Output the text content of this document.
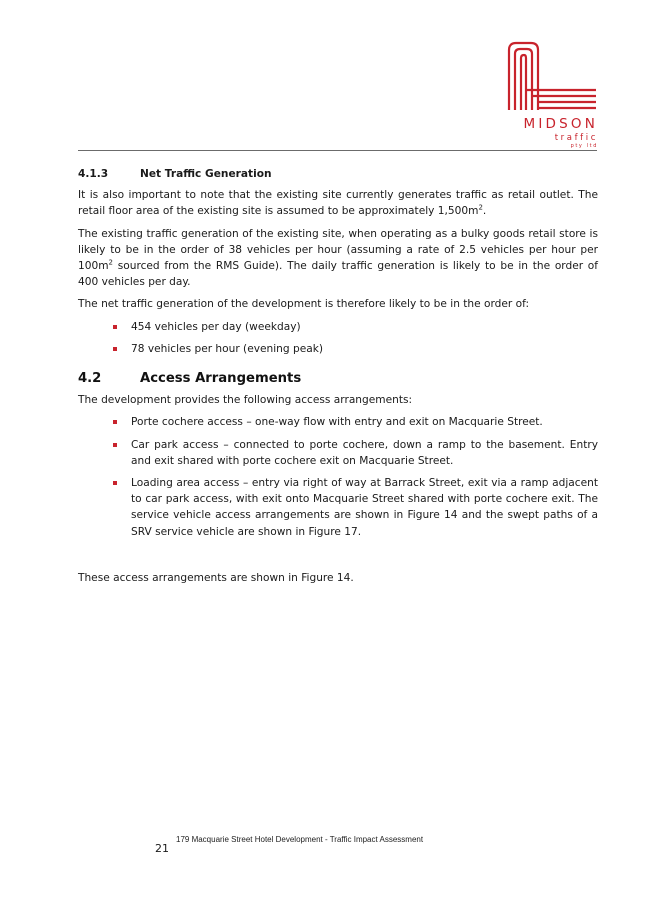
MIDSON
traffic
pty ltd
4.1.3	Net Traffic Generation

It is also important to note that the existing site currently generates traffic as retail outlet. The retail floor area of the existing site is assumed to be approximately $1,500m^2$.

The existing traffic generation of the existing site, when operating as a bulky goods retail store is likely to be in the order of 38 vehicles per hour (assuming a rate of 2.5 vehicles per hour per $100m^2$ sourced from the RMS Guide). The daily traffic generation is likely to be in the order of 400 vehicles per day.

The net traffic generation of the development is therefore likely to be in the order of:

454 vehicles per day (weekday)
78 vehicles per hour (evening peak)
4.2	Access Arrangements

The development provides the following access arrangements:

Porte cochere access – one-way flow with entry and exit on Macquarie Street.
Car park access – connected to porte cochere, down a ramp to the basement. Entry and exit shared with porte cochere exit on Macquarie Street.
Loading area access – entry via right of way at Barrack Street, exit via a ramp adjacent to car park access, with exit onto Macquarie Street shared with porte cochere exit. The service vehicle access arrangements are shown in Figure 14 and the swept paths of a SRV service vehicle are shown in Figure 17.

These access arrangements are shown in Figure 14.

21
179 Macquarie Street Hotel Development - Traffic Impact Assessment
